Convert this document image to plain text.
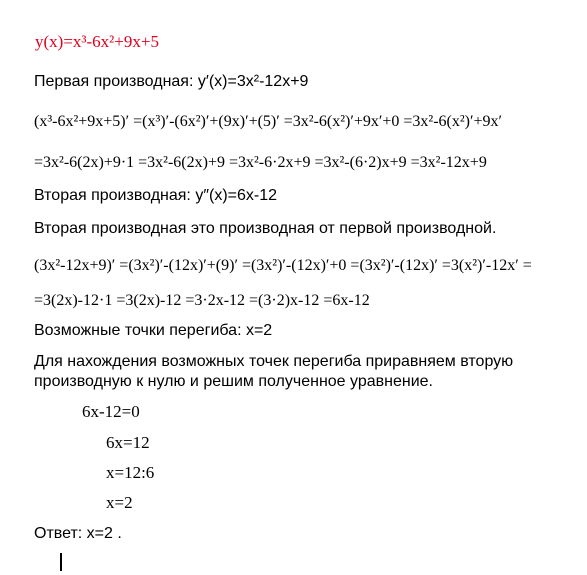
y(x)=x³-6x²+9x+5
Первая производная: y′(x)=3x²-12x+9
(x³-6x²+9x+5)′ =(x³)′-(6x²)′+(9x)′+(5)′ =3x²-6(x²)′+9x′+0 =3x²-6(x²)′+9x′
=3x²-6(2x)+9·1 =3x²-6(2x)+9 =3x²-6·2x+9 =3x²-(6·2)x+9 =3x²-12x+9
Вторая производная: y″(x)=6x-12
Вторая производная это производная от первой производной.
(3x²-12x+9)′ =(3x²)′-(12x)′+(9)′ =(3x²)′-(12x)′+0 =(3x²)′-(12x)′ =3(x²)′-12x′ =
=3(2x)-12·1 =3(2x)-12 =3·2x-12 =(3·2)x-12 =6x-12
Возможные точки перегиба: x=2
Для нахождения возможных точек перегиба приравняем вторую
производную к нулю и решим полученное уравнение.
6x-12=0
6x=12
x=12:6
x=2
Ответ: x=2 .
